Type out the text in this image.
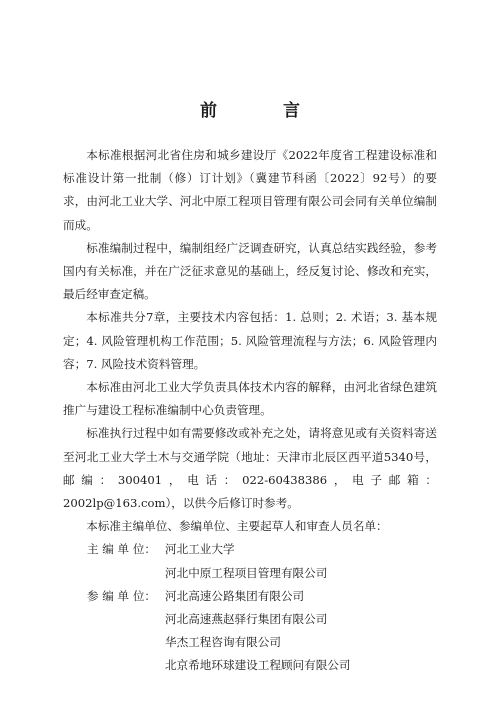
前 言

本标准根据河北省住房和城乡建设厅《2022年度省工程建设标准和标准设计第一批制（修）订计划》（冀建节科函〔2022〕92号）的要求，由河北工业大学、河北中原工程项目管理有限公司会同有关单位编制而成。

标准编制过程中，编制组经广泛调查研究，认真总结实践经验，参考国内有关标准，并在广泛征求意见的基础上，经反复讨论、修改和充实，最后经审查定稿。

本标准共分7章，主要技术内容包括：1. 总则；2. 术语；3. 基本规定；4. 风险管理机构工作范围；5. 风险管理流程与方法；6. 风险管理内容；7. 风险技术资料管理。

本标准由河北工业大学负责具体技术内容的解释，由河北省绿色建筑推广与建设工程标准编制中心负责管理。

标准执行过程中如有需要修改或补充之处，请将意见或有关资料寄送至河北工业大学土木与交通学院（地址：天津市北辰区西平道5340号，邮编：300401，电话：022-60438386，电子邮箱：2002lp@163.com），以供今后修订时参考。

本标准主编单位、参编单位、主要起草人和审查人员名单：

主 编 单 位： 河北工业大学
河北中原工程项目管理有限公司
参 编 单 位： 河北高速公路集团有限公司
河北高速燕赵驿行集团有限公司
华杰工程咨询有限公司
北京希地环球建设工程顾问有限公司
